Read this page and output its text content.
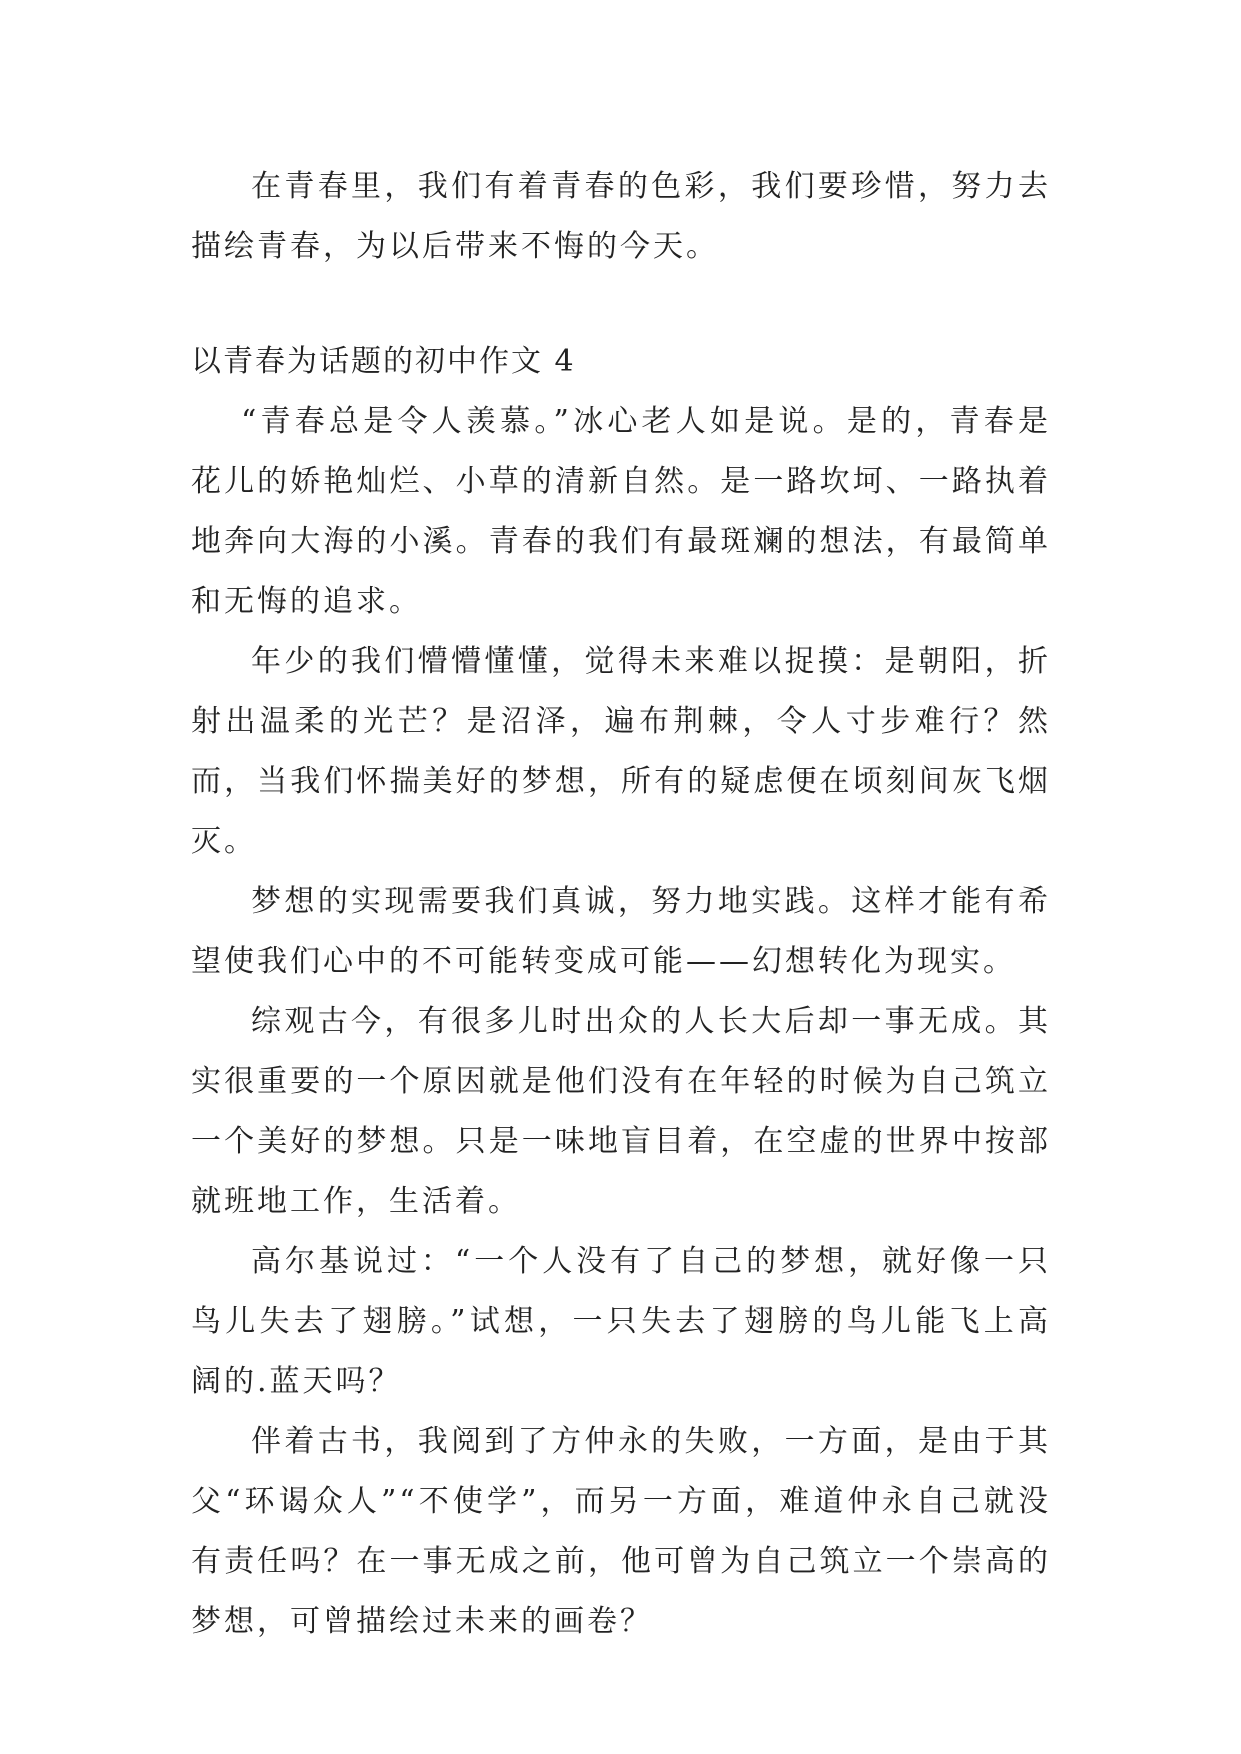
在青春里，我们有着青春的色彩，我们要珍惜，努力去描绘青春，为以后带来不悔的今天。
以青春为话题的初中作文 4

“青春总是令人羡慕。”冰心老人如是说。是的，青春是花儿的娇艳灿烂、小草的清新自然。是一路坎坷、一路执着地奔向大海的小溪。青春的我们有最斑斓的想法，有最简单和无悔的追求。

年少的我们懵懵懂懂，觉得未来难以捉摸：是朝阳，折射出温柔的光芒？是沼泽，遍布荆棘，令人寸步难行？然而，当我们怀揣美好的梦想，所有的疑虑便在顷刻间灰飞烟灭。

梦想的实现需要我们真诚，努力地实践。这样才能有希望使我们心中的不可能转变成可能——幻想转化为现实。

综观古今，有很多儿时出众的人长大后却一事无成。其实很重要的一个原因就是他们没有在年轻的时候为自己筑立一个美好的梦想。只是一味地盲目着，在空虚的世界中按部就班地工作，生活着。

高尔基说过：“一个人没有了自己的梦想，就好像一只鸟儿失去了翅膀。”试想，一只失去了翅膀的鸟儿能飞上高阔的.蓝天吗？

伴着古书，我阅到了方仲永的失败，一方面，是由于其父“环谒众人”“不使学”，而另一方面，难道仲永自己就没有责任吗？在一事无成之前，他可曾为自己筑立一个崇高的梦想，可曾描绘过未来的画卷？
